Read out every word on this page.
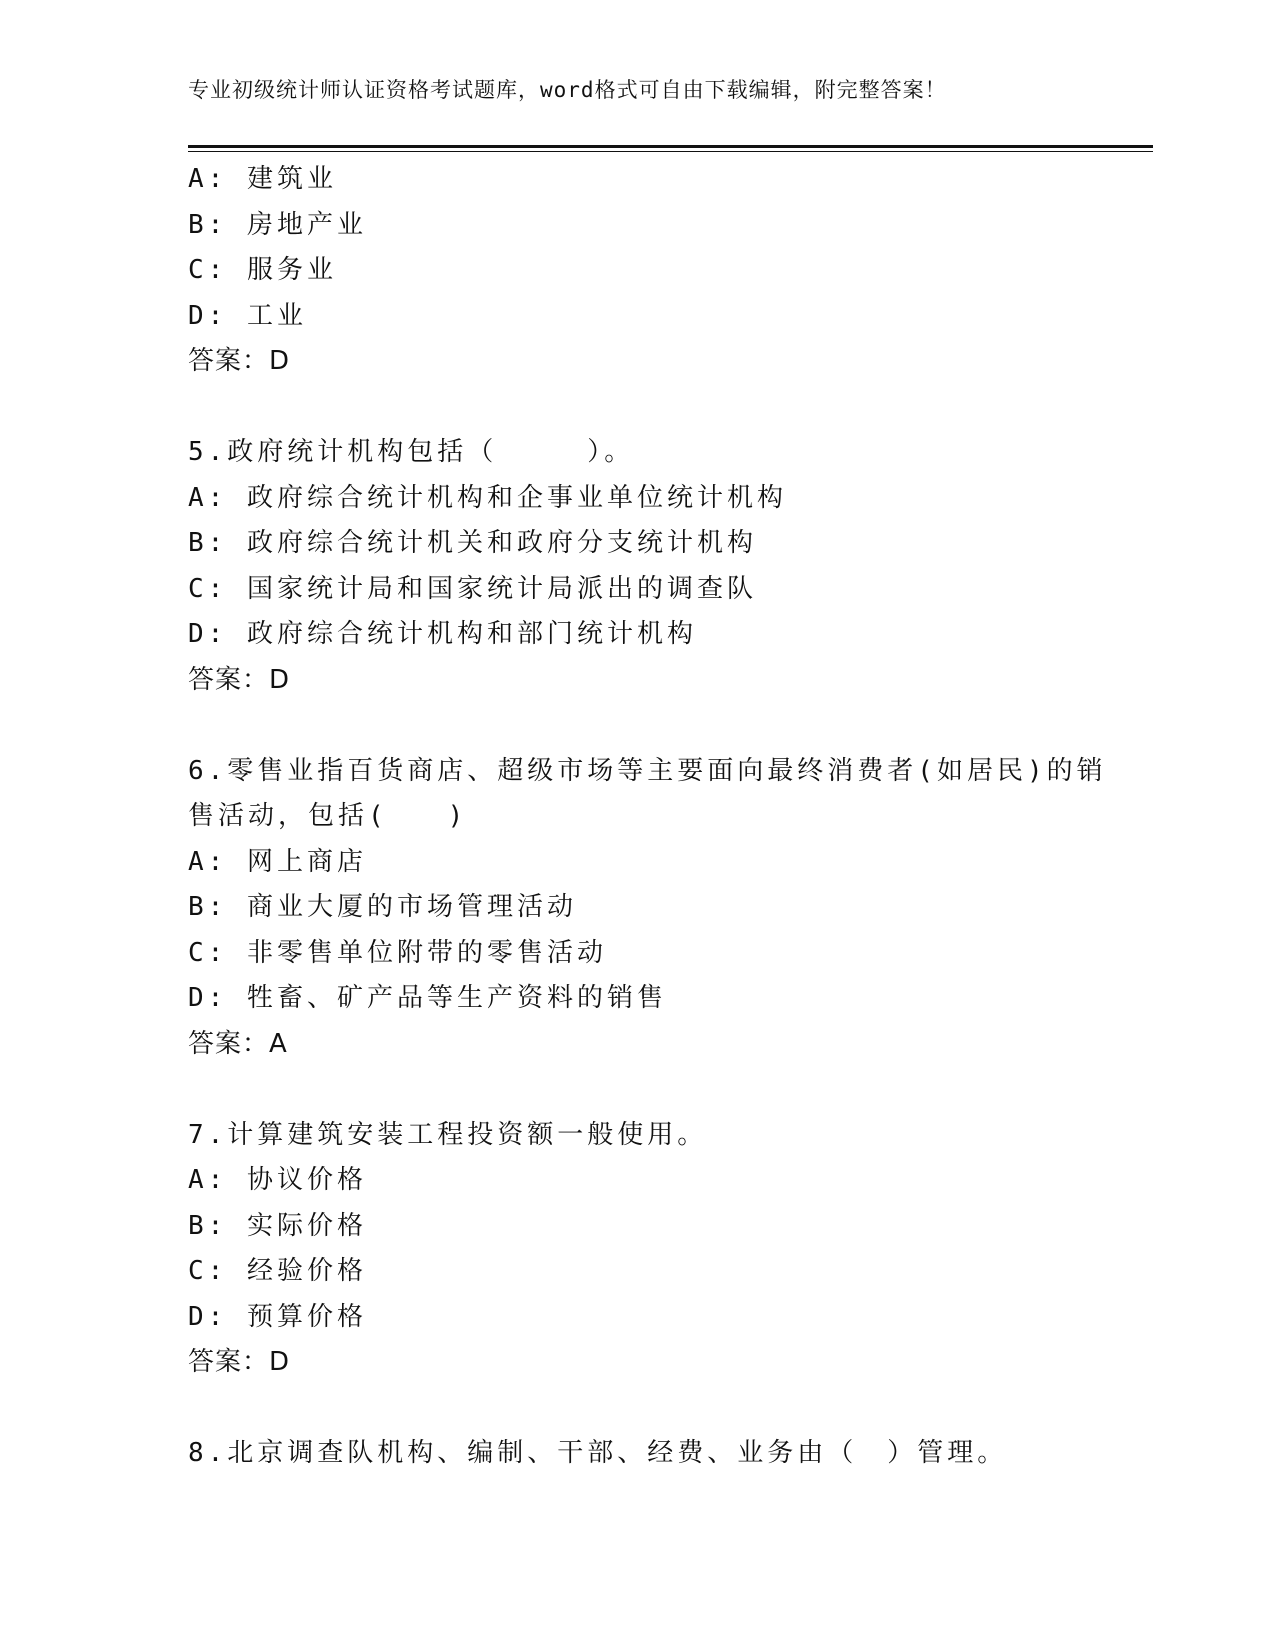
专业初级统计师认证资格考试题库，word格式可自由下载编辑，附完整答案！
A: 建筑业
B: 房地产业
C: 服务业
D: 工业
答案：D
5.政府统计机构包括（　　　）。
A: 政府综合统计机构和企事业单位统计机构
B: 政府综合统计机关和政府分支统计机构
C: 国家统计局和国家统计局派出的调查队
D: 政府综合统计机构和部门统计机构
答案：D
6.零售业指百货商店、超级市场等主要面向最终消费者(如居民)的销
售活动，包括(　　)
A: 网上商店
B: 商业大厦的市场管理活动
C: 非零售单位附带的零售活动
D: 牲畜、矿产品等生产资料的销售
答案：A
7.计算建筑安装工程投资额一般使用。
A: 协议价格
B: 实际价格
C: 经验价格
D: 预算价格
答案：D
8.北京调查队机构、编制、干部、经费、业务由（　）管理。
